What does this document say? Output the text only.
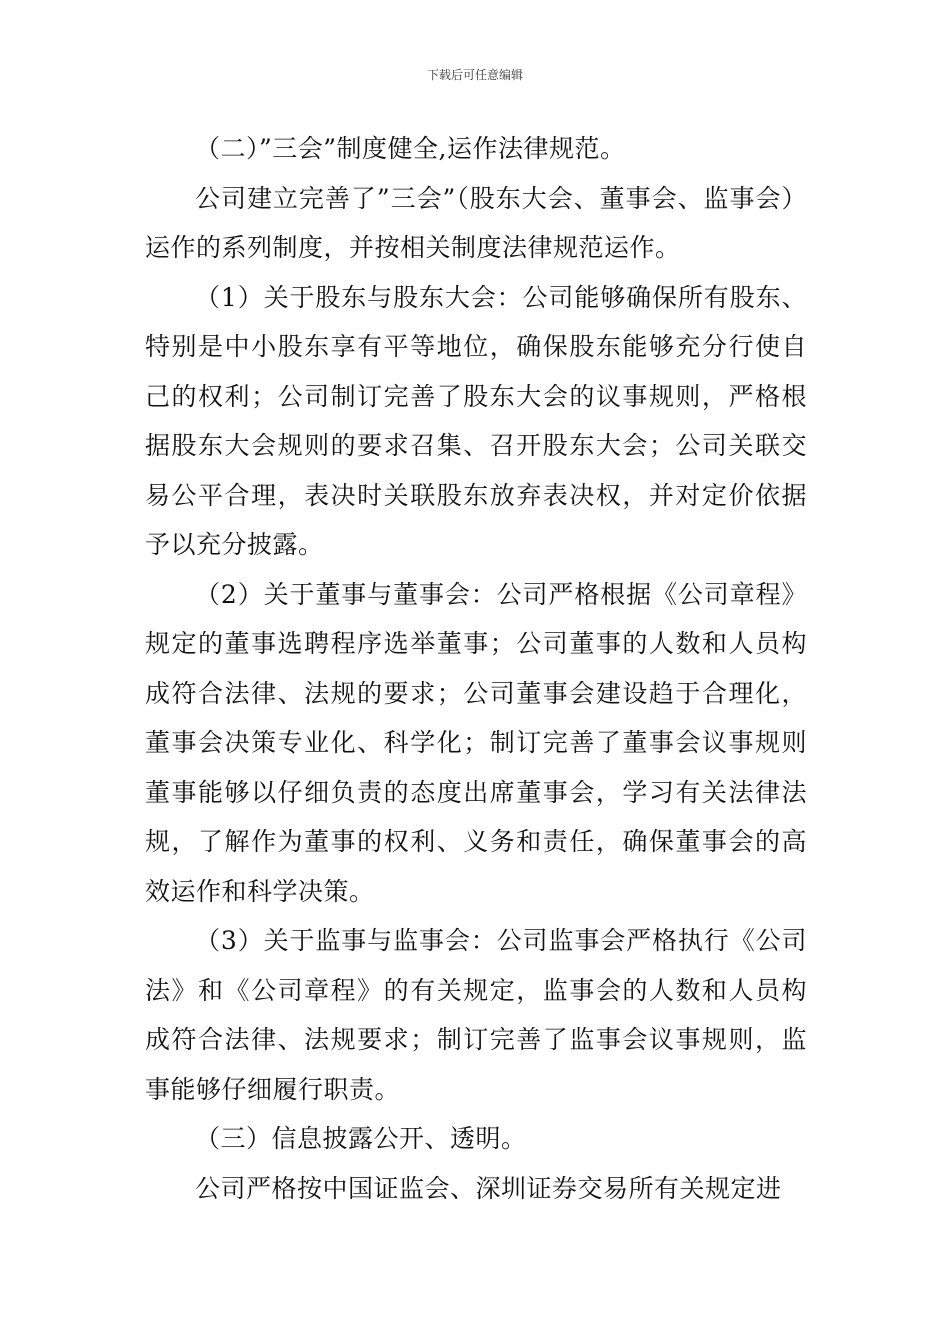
下载后可任意编辑

（二）”三会”制度健全,运作法律规范。

公司建立完善了”三会”（股东大会、董事会、监事会）运作的系列制度，并按相关制度法律规范运作。

（1）关于股东与股东大会：公司能够确保所有股东、特别是中小股东享有平等地位，确保股东能够充分行使自己的权利；公司制订完善了股东大会的议事规则，严格根据股东大会规则的要求召集、召开股东大会；公司关联交易公平合理，表决时关联股东放弃表决权，并对定价依据予以充分披露。

（2）关于董事与董事会：公司严格根据《公司章程》规定的董事选聘程序选举董事；公司董事的人数和人员构成符合法律、法规的要求；公司董事会建设趋于合理化，董事会决策专业化、科学化；制订完善了董事会议事规则董事能够以仔细负责的态度出席董事会，学习有关法律法规，了解作为董事的权利、义务和责任，确保董事会的高效运作和科学决策。

（3）关于监事与监事会：公司监事会严格执行《公司法》和《公司章程》的有关规定，监事会的人数和人员构成符合法律、法规要求；制订完善了监事会议事规则，监事能够仔细履行职责。

（三）信息披露公开、透明。

公司严格按中国证监会、深圳证券交易所有关规定进
